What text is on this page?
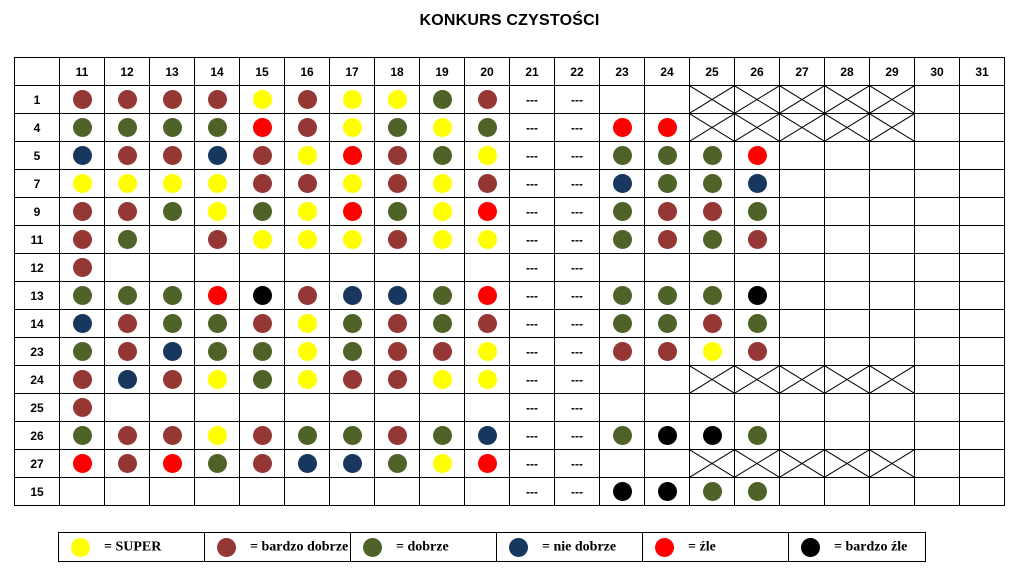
KONKURS CZYSTOŚCI
	11	12	13	14	15	16	17	18	19	20	21	22	23	24	25	26	27	28	29	30	31
1											---	---									
4											---	---									
5											---	---									
7											---	---									
9											---	---									
11											---	---									
12											---	---									
13											---	---									
14											---	---									
23											---	---									
24											---	---									
25											---	---									
26											---	---									
27											---	---									
15											---	---									
= SUPER	= bardzo dobrze	= dobrze	= nie dobrze	= źle	= bardzo źle
